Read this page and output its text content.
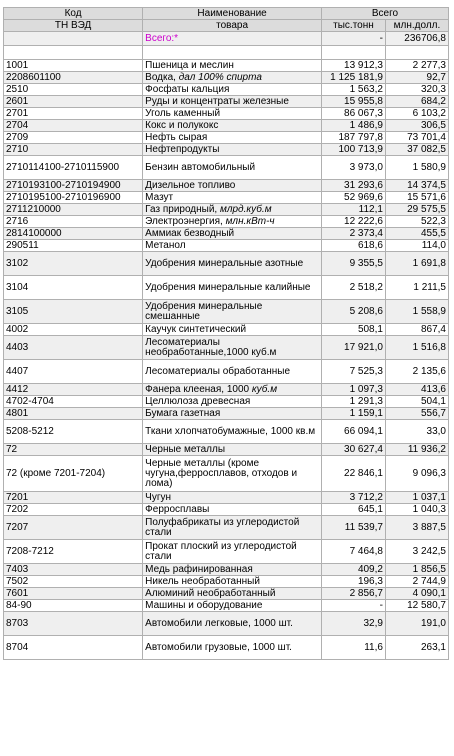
Код	Наименование	Всего	
ТН ВЭД	товара	тыс.тонн	млн.долл.
	Всего:*	-	236706,8

1001	Пшеница и меслин	13 912,3	2 277,3
2208601100	Водка, дал 100% спирта	1 125 181,9	92,7
2510	Фосфаты кальция	1 563,2	320,3
2601	Руды и концентраты железные	15 955,8	684,2
2701	Уголь каменный	86 067,3	6 103,2
2704	Кокс и полукокс	1 486,9	306,5
2709	Нефть сырая	187 797,8	73 701,4
2710	Нефтепродукты	100 713,9	37 082,5
2710114100-2710115900	Бензин автомобильный	3 973,0	1 580,9
2710193100-2710194900	Дизельное топливо	31 293,6	14 374,5
2710195100-2710196900	Мазут	52 969,6	15 571,6
2711210000	Газ природный, млрд.куб.м	112,1	29 575,5
2716	Электроэнергия, млн.кВт-ч	12 222,6	522,3
2814100000	Аммиак безводный	2 373,4	455,5
290511	Метанол	618,6	114,0
3102	Удобрения минеральные азотные	9 355,5	1 691,8
3104	Удобрения минеральные калийные	2 518,2	1 211,5
3105	Удобрения минеральные смешанные	5 208,6	1 558,9
4002	Каучук синтетический	508,1	867,4
4403	Лесоматериалы необработанные,1000 куб.м	17 921,0	1 516,8
4407	Лесоматериалы обработанные	7 525,3	2 135,6
4412	Фанера клееная, 1000 куб.м	1 097,3	413,6
4702-4704	Целлюлоза древесная	1 291,3	504,1
4801	Бумага газетная	1 159,1	556,7
5208-5212	Ткани хлопчатобумажные, 1000 кв.м	66 094,1	33,0
72	Черные металлы	30 627,4	11 936,2
72 (кроме 7201-7204)	Черные металлы (кроме чугуна,ферросплавов, отходов и лома)	22 846,1	9 096,3
7201	Чугун	3 712,2	1 037,1
7202	Ферросплавы	645,1	1 040,3
7207	Полуфабрикаты из углеродистой стали	11 539,7	3 887,5
7208-7212	Прокат плоский из углеродистой стали	7 464,8	3 242,5
7403	Медь рафинированная	409,2	1 856,5
7502	Никель необработанный	196,3	2 744,9
7601	Алюминий необработанный	2 856,7	4 090,1
84-90	Машины и оборудование	-	12 580,7
8703	Автомобили легковые, 1000 шт.	32,9	191,0
8704	Автомобили грузовые, 1000 шт.	11,6	263,1
